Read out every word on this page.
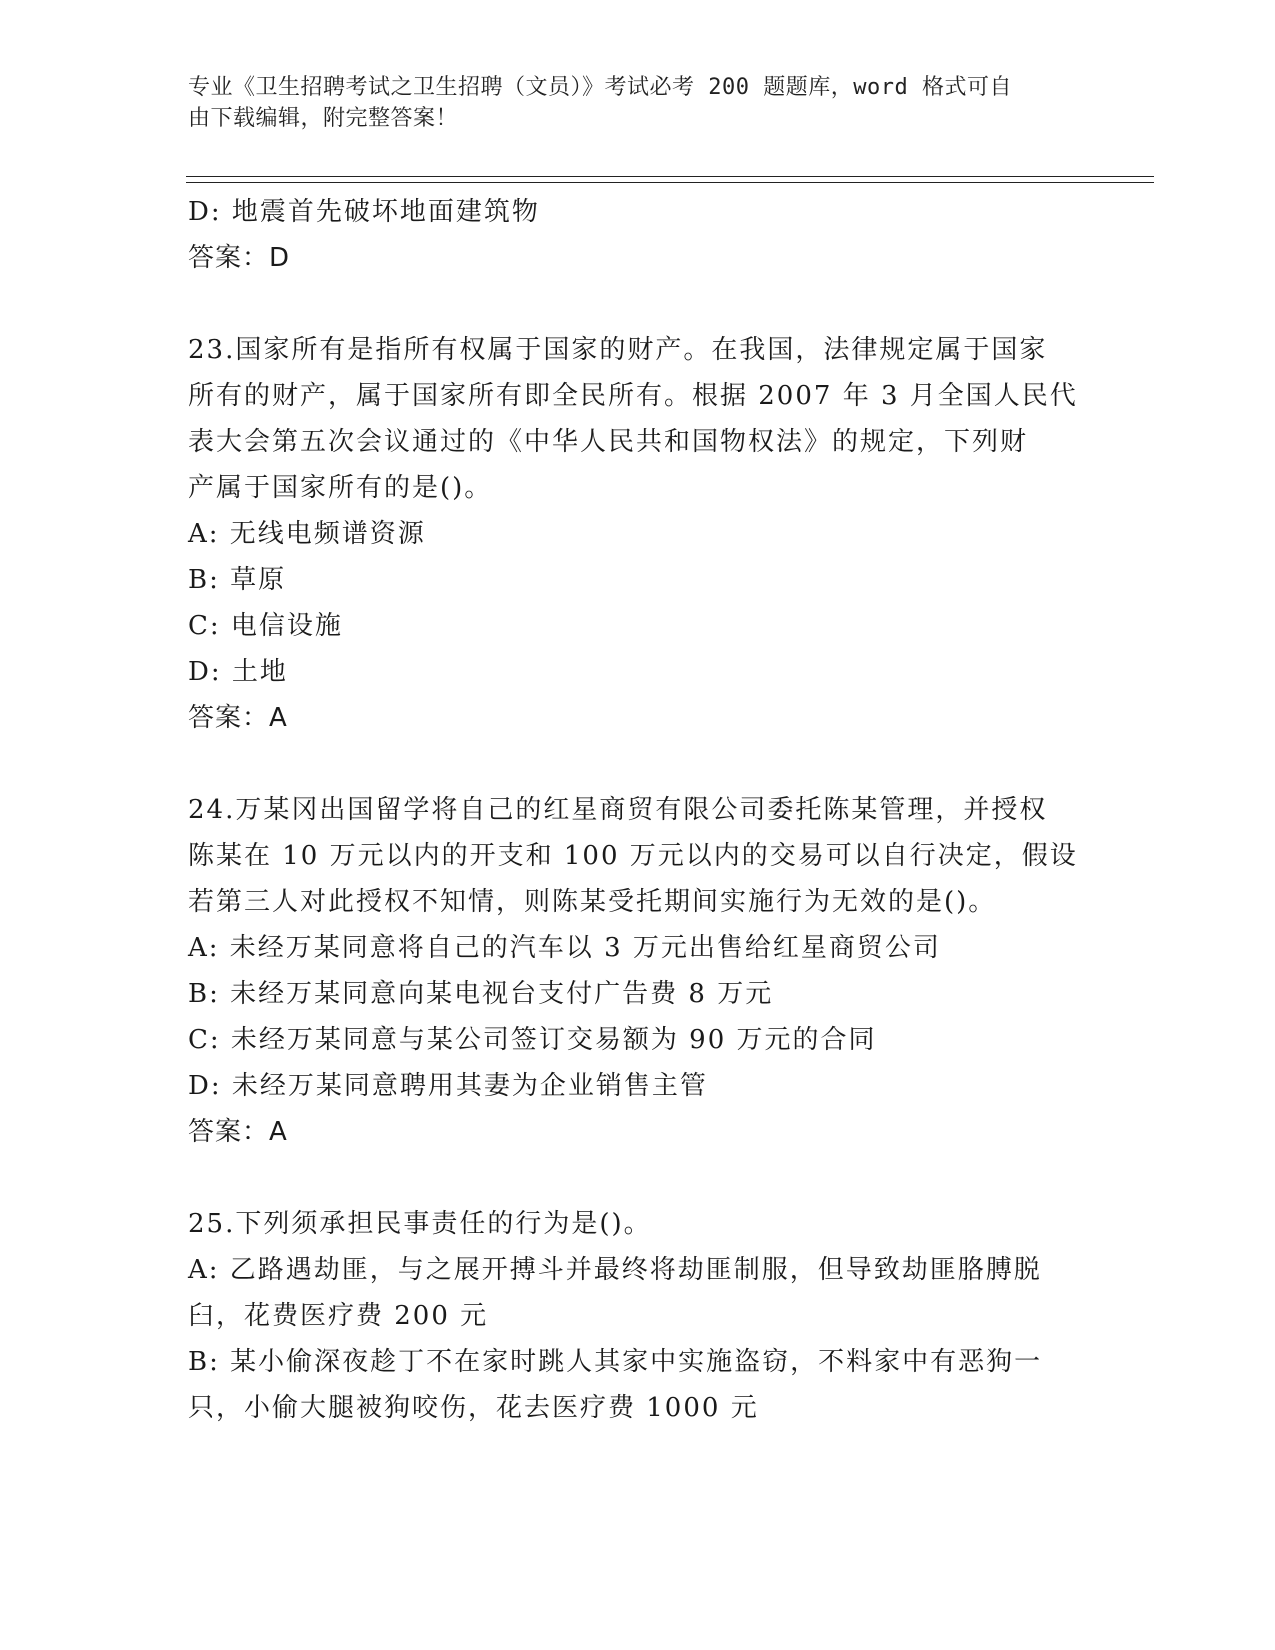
专业《卫生招聘考试之卫生招聘（文员）》考试必考 200 题题库，word 格式可自
由下载编辑，附完整答案！
D: 地震首先破坏地面建筑物
答案：D
23.国家所有是指所有权属于国家的财产。在我国，法律规定属于国家
所有的财产，属于国家所有即全民所有。根据 2007 年 3 月全国人民代
表大会第五次会议通过的《中华人民共和国物权法》的规定，下列财
产属于国家所有的是()。
A: 无线电频谱资源
B: 草原
C: 电信设施
D: 土地
答案：A
24.万某冈出国留学将自己的红星商贸有限公司委托陈某管理，并授权
陈某在 10 万元以内的开支和 100 万元以内的交易可以自行决定，假设
若第三人对此授权不知情，则陈某受托期间实施行为无效的是()。
A: 未经万某同意将自己的汽车以 3 万元出售给红星商贸公司
B: 未经万某同意向某电视台支付广告费 8 万元
C: 未经万某同意与某公司签订交易额为 90 万元的合同
D: 未经万某同意聘用其妻为企业销售主管
答案：A
25.下列须承担民事责任的行为是()。
A: 乙路遇劫匪，与之展开搏斗并最终将劫匪制服，但导致劫匪胳膊脱
臼，花费医疗费 200 元
B: 某小偷深夜趁丁不在家时跳人其家中实施盗窃，不料家中有恶狗一
只，小偷大腿被狗咬伤，花去医疗费 1000 元
